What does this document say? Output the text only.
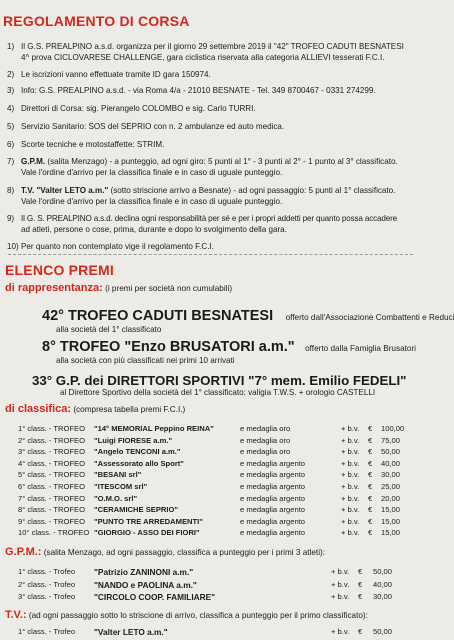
REGOLAMENTO DI CORSA
1) Il G.S. PREALPINO a.s.d. organizza per il giorno 29 settembre 2019 il "42" TROFEO CADUTI BESNATESI
4^ prova CICLOVARESE CHALLENGE, gara ciclistica riservata alla categoria ALLIEVI tesserati F.C.I.
2) Le iscrizioni vanno effettuate tramite ID gara 150974.
3) Info: G.S. PREALPINO a.s.d. - via Roma 4/a - 21010 BESNATE - Tel. 349 8700467 - 0331 274299.
4) Direttori di Corsa: sig. Pierangelo COLOMBO e sig. Carlo TURRI.
5) Servizio Sanitario: SOS del SEPRIO con n. 2 ambulanze ed auto medica.
6) Scorte tecniche e motostaffette: STRIM.
7) G.P.M. (salita Menzago) - a punteggio, ad ogni giro: 5 punti al 1° - 3 punti al 2° - 1 punto al 3° classificato.
Vale l'ordine d'arrivo per la classifica finale e in caso di uguale punteggio.
8) T.V. "Valter LETO a.m." (sotto striscione arrivo a Besnate) - ad ogni passaggio: 5 punti al 1° classificato.
Vale l'ordine d'arrivo per la classifica finale e in caso di uguale punteggio.
9) Il G. S. PREALPINO a.s.d. declina ogni responsabilità per sé e per i propri addetti per quanto possa accadere
ad atleti, persone o cose, prima, durante e dopo lo svolgimento della gara.
10) Per quanto non contemplato vige il regolamento F.C.I.
ELENCO PREMI
di rappresentanza: (i premi per società non cumulabili)
42° TROFEO CADUTI BESNATESI offerto dall'Associazione Combattenti e Reduci
alla società del 1° classificato
8° TROFEO "Enzo BRUSATORI a.m." offerto dalla Famiglia Brusatori
alla società con più classificati nei primi 10 arrivati
33° G.P. dei DIRETTORI SPORTIVI "7° mem. Emilio FEDELI"
al Direttore Sportivo della società del 1° classificato: valigia T.W.S. + orologio CASTELLI
di classifica: (compresa tabella premi F.C.I.)
1° class. - TROFEO "14° MEMORIAL Peppino REINA"	e medaglia oro	+ b.v. € 100,00
2° class. - TROFEO "Luigi FIORESE a.m."	e medaglia oro	+ b.v. € 75,00
3° class. - TROFEO "Angelo TENCONI a.m."	e medaglia oro	+ b.v. € 50,00
4° class. - TROFEO "Assessorato allo Sport"	e medaglia argento	+ b.v. € 40,00
5° class. - TROFEO "BESANI srl"	e medaglia argento	+ b.v. € 30,00
6° class. - TROFEO "ITESCOM srl"	e medaglia argento	+ b.v. € 25,00
7° class. - TROFEO "O.M.O. srl"	e medaglia argento	+ b.v. € 20,00
8° class. - TROFEO "CERAMICHE SEPRIO"	e medaglia argento	+ b.v. € 15,00
9° class. - TROFEO "PUNTO TRE ARREDAMENTI"	e medaglia argento	+ b.v. € 15,00
10° class. - TROFEO "GIORGIO - ASSO DEI FIORI"	e medaglia argento	+ b.v. € 15,00
G.P.M.: (salita Menzago, ad ogni passaggio, classifica a punteggio per i primi 3 atleti):
1° class. - Trofeo "Patrizio ZANINONI a.m."	+ b.v. € 50,00
2° class. - Trofeo "NANDO e PAOLINA a.m."	+ b.v. € 40,00
3° class. - Trofeo "CIRCOLO COOP. FAMILIARE"	+ b.v. € 30,00
T.V.: (ad ogni passaggio sotto lo striscione di arrivo, classifica a punteggio per il primo classificato):
1° class. - Trofeo "Valter LETO a.m."	+ b.v. € 50,00
